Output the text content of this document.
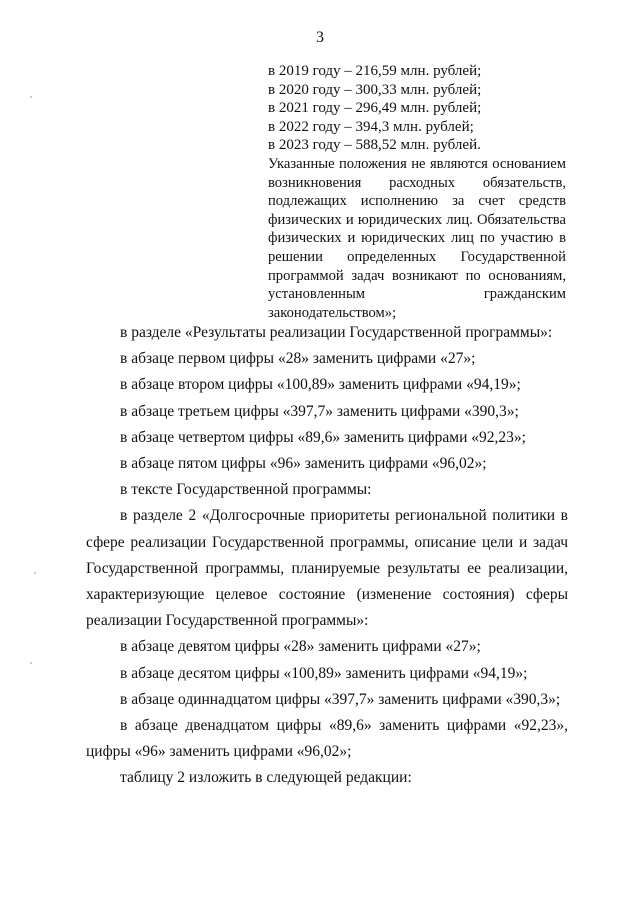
3
в 2019 году – 216,59 млн. рублей;
в 2020 году – 300,33 млн. рублей;
в 2021 году – 296,49 млн. рублей;
в 2022 году – 394,3 млн. рублей;
в 2023 году – 588,52 млн. рублей.
Указанные положения не являются основанием возникновения расходных обязательств, подлежащих исполнению за счет средств физических и юридических лиц. Обязательства физических и юридических лиц по участию в решении определенных Государственной программой задач возникают по основаниям, установленным гражданским законодательством»;
в разделе «Результаты реализации Государственной программы»:
в абзаце первом цифры «28» заменить цифрами «27»;
в абзаце втором цифры «100,89» заменить цифрами «94,19»;
в абзаце третьем цифры «397,7» заменить цифрами «390,3»;
в абзаце четвертом цифры «89,6» заменить цифрами «92,23»;
в абзаце пятом цифры «96» заменить цифрами «96,02»;
в тексте Государственной программы:

в разделе 2 «Долгосрочные приоритеты региональной политики в сфере реализации Государственной программы, описание цели и задач Государственной программы, планируемые результаты ее реализации, характеризующие целевое состояние (изменение состояния) сферы реализации Государственной программы»:

в абзаце девятом цифры «28» заменить цифрами «27»;
в абзаце десятом цифры «100,89» заменить цифрами «94,19»;
в абзаце одиннадцатом цифры «397,7» заменить цифрами «390,3»;

в абзаце двенадцатом цифры «89,6» заменить цифрами «92,23», цифры «96» заменить цифрами «96,02»;

таблицу 2 изложить в следующей редакции:
